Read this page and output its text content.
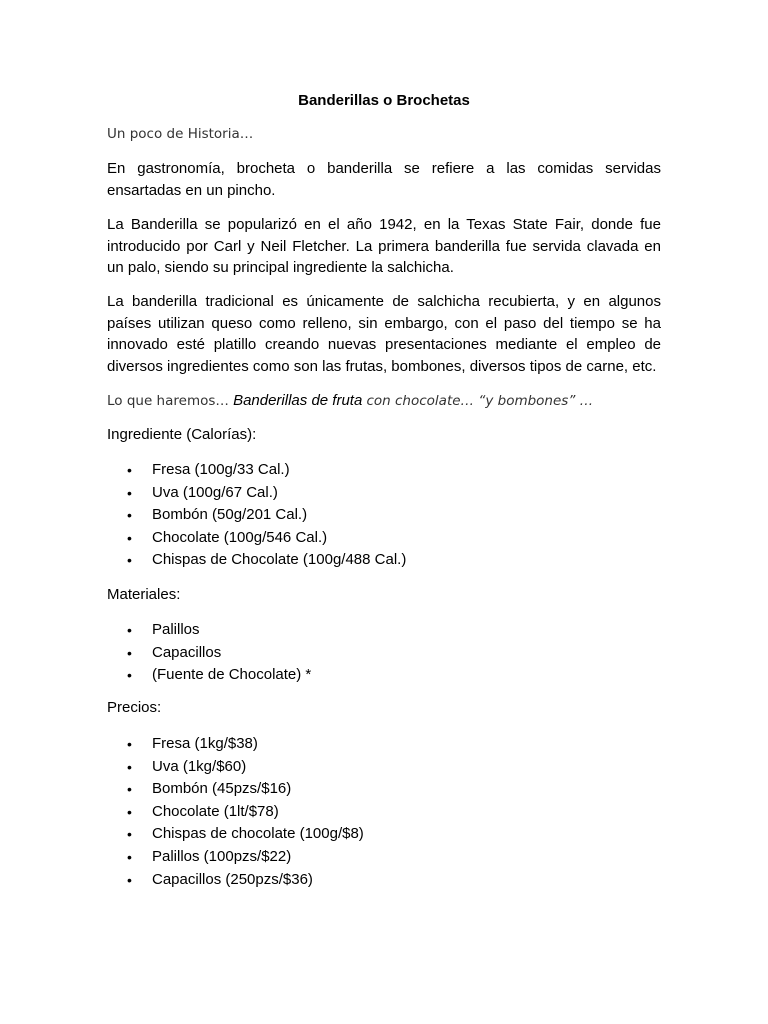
Banderillas o Brochetas
Un poco de Historia…
En gastronomía, brocheta o banderilla se refiere a las comidas servidas ensartadas en un pincho.
La Banderilla se popularizó en el año 1942, en la Texas State Fair, donde fue introducido por Carl y Neil Fletcher. La primera banderilla fue servida clavada en un palo, siendo su principal ingrediente la salchicha.
La banderilla tradicional es únicamente de salchicha recubierta, y en algunos países utilizan queso como relleno, sin embargo, con el paso del tiempo se ha innovado esté platillo creando nuevas presentaciones mediante el empleo de diversos ingredientes como son las frutas, bombones, diversos tipos de carne, etc.
Lo que haremos… Banderillas de fruta con chocolate… “y bombones” …
Ingrediente (Calorías):
• Fresa (100g/33 Cal.)
• Uva (100g/67 Cal.)
• Bombón (50g/201 Cal.)
• Chocolate (100g/546 Cal.)
• Chispas de Chocolate (100g/488 Cal.)
Materiales:
• Palillos
• Capacillos
• (Fuente de Chocolate) *
Precios:
• Fresa (1kg/$38)
• Uva (1kg/$60)
• Bombón (45pzs/$16)
• Chocolate (1lt/$78)
• Chispas de chocolate (100g/$8)
• Palillos (100pzs/$22)
• Capacillos (250pzs/$36)
